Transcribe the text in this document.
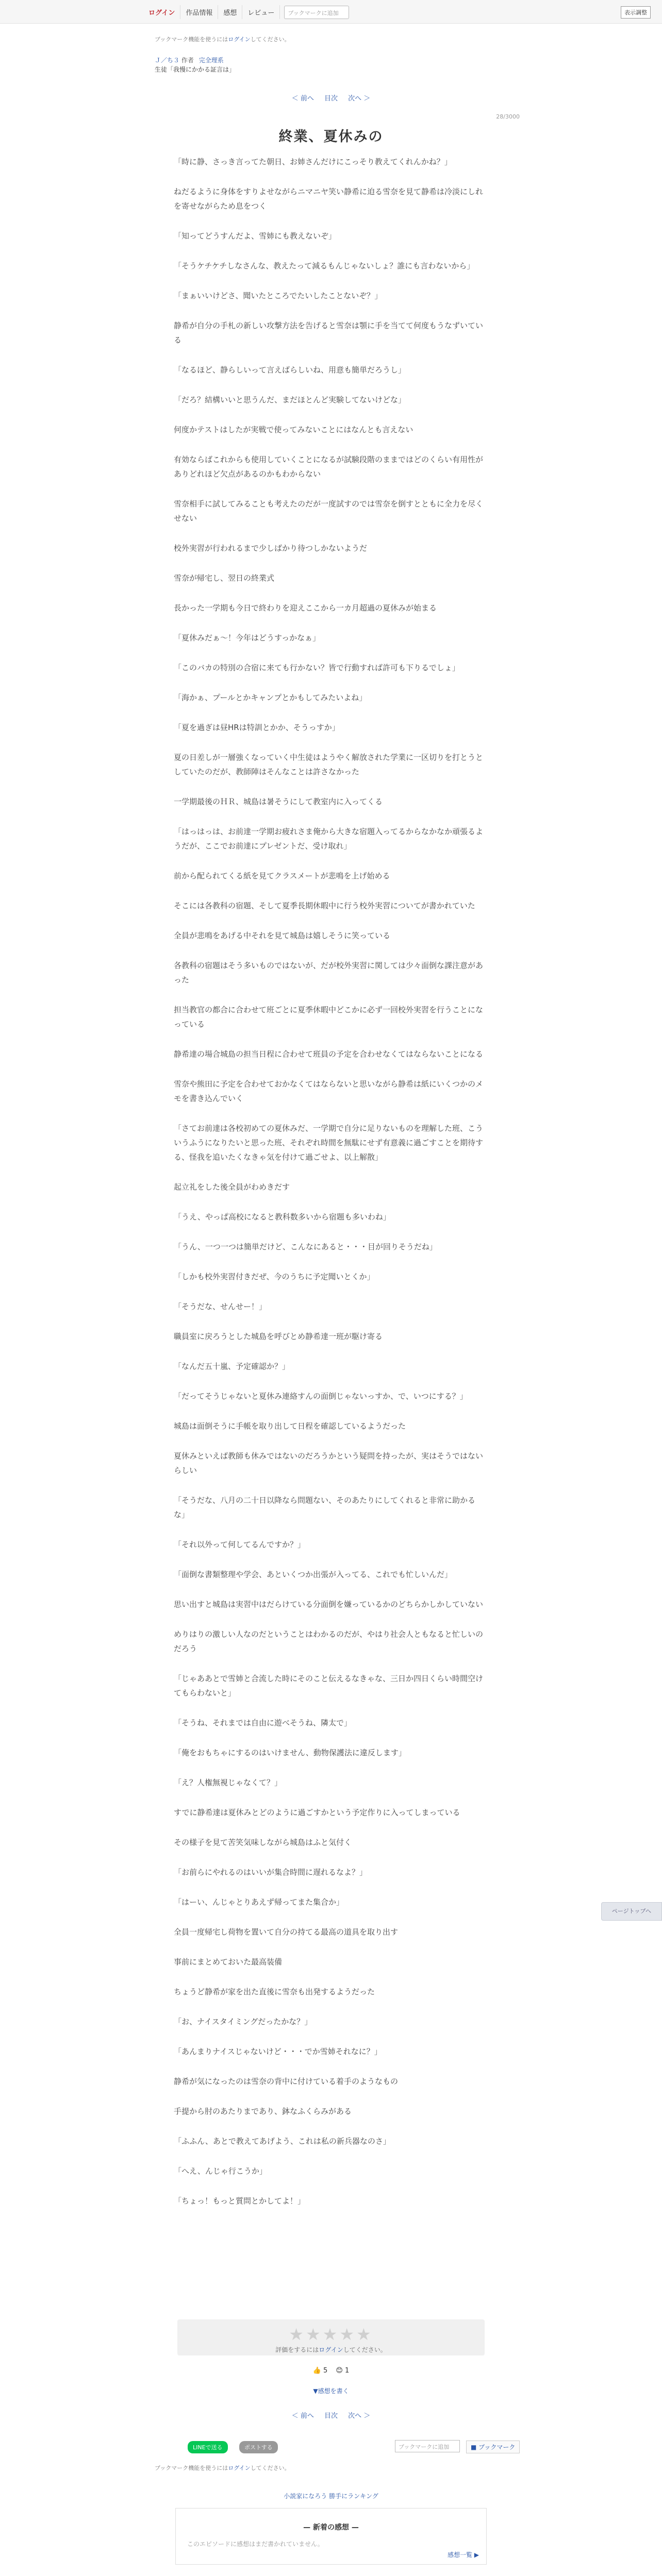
ログイン	作品情報	感想	レビュー	ブックマークに追加	表示調整
ブックマーク機能を使うにはログインしてください。
Ｊ／ち３ 作者 完全理系
生徒「我慢にかかる証言は」
＜ 前へ 目次 次へ ＞
28/3000
終業、夏休みの

「時に静、さっき言ってた朝日、お姉さんだけにこっそり教えてくれんかね？」

ねだるように身体をすりよせながらニマニヤ笑い静希に迫る雪奈を見て静希は冷淡にしれを寄せながらため息をつく

「知ってどうすんだよ、雪姉にも教えないぞ」

「そうケチケチしなさんな、教えたって減るもんじゃないしょ？誰にも言わないから」

「まぁいいけどさ、聞いたところでたいしたことないぞ？」

静希が自分の手札の新しい攻撃方法を告げると雪奈は顎に手を当てて何度もうなずいている

「なるほど、静らしいって言えばらしいね、用意も簡単だろうし」

「だろ？結構いいと思うんだ、まだほとんど実験してないけどな」

何度かテストはしたが実戦で使ってみないことにはなんとも言えない

有効ならばこれからも使用していくことになるが試験段階のままではどのくらい有用性がありどれほど欠点があるのかもわからない

雪奈相手に試してみることも考えたのだが一度試すのでは雪奈を倒すとともに全力を尽くせない

校外実習が行われるまで少しばかり待つしかないようだ

雪奈が帰宅し、翌日の終業式

長かった一学期も今日で終わりを迎えここから一カ月超過の夏休みが始まる

「夏休みだぁ～！今年はどうすっかなぁ」

「このバカの特別の合宿に来ても行かない？皆で行動すれば許可も下りるでしょ」

「海かぁ、プールとかキャンプとかもしてみたいよね」

「夏を過ぎは昼HRは特訓とかか、そうっすか」

夏の日差しが一層強くなっていく中生徒はようやく解放された学業に一区切りを打とうとしていたのだが、教師陣はそんなことは許さなかった

一学期最後のＨＲ、城島は暑そうにして教室内に入ってくる

「はっはっは、お前達一学期お疲れさま俺から大きな宿題入ってるからなかなか頑張るようだが、ここでお前達にプレゼントだ、受け取れ」

前から配られてくる紙を見てクラスメートが悲鳴を上げ始める

そこには各教科の宿題、そして夏季長期休暇中に行う校外実習についてが書かれていた

全員が悲鳴をあげる中それを見て城島は嬉しそうに笑っている

各教科の宿題はそう多いものではないが、だが校外実習に関しては少々面倒な課注意があった

担当教官の都合に合わせて班ごとに夏季休暇中どこかに必ず一回校外実習を行うことになっている

静希達の場合城島の担当日程に合わせて班員の予定を合わせなくてはならないことになる

雪奈や熊田に予定を合わせておかなくてはならないと思いながら静希は紙にいくつかのメモを書き込んでいく

「さてお前達は各校初めての夏休みだ、一学期で自分に足りないものを理解した班、こういうふうになりたいと思った班、それぞれ時間を無駄にせず有意義に過ごすことを期待する、怪我を追いたくなきゃ気を付けて過ごせよ、以上解散」

起立礼をした後全員がわめきだす

「うえ、やっぱ高校になると教科数多いから宿題も多いわね」

「うん、一つ一つは簡単だけど、こんなにあると・・・目が回りそうだね」

「しかも校外実習付きだぜ、今のうちに予定聞いとくか」

「そうだな、せんせー！」

職員室に戻ろうとした城島を呼びとめ静希達一班が駆け寄る

「なんだ五十嵐、予定確認か？」

「だってそうじゃないと夏休み連絡すんの面倒じゃないっすか、で、いつにする？」

城島は面倒そうに手帳を取り出して日程を確認しているようだった

夏休みといえば教師も休みではないのだろうかという疑問を持ったが、実はそうではないらしい

「そうだな、八月の二十日以降なら問題ない、そのあたりにしてくれると非常に助かるな」

「それ以外って何してるんですか？」

「面倒な書類整理や学会、あといくつか出張が入ってる、これでも忙しいんだ」

思い出すと城島は実習中はだらけている分面倒を嫌っているかのどちらかしかしていない

めりはりの激しい人なのだということはわかるのだが、やはり社会人ともなると忙しいのだろう

「じゃああとで雪姉と合流した時にそのこと伝えるなきゃな、三日か四日くらい時間空けてもらわないと」

「そうね、それまでは自由に遊べそうね、隣太で」

「俺をおもちゃにするのはいけません、動物保護法に違反します」

「え？人権無視じゃなくて？」

すでに静希達は夏休みとどのように過ごすかという予定作りに入ってしまっている

その様子を見て苦笑気味しながら城島はふと気付く

「お前らにやれるのはいいが集合時間に遅れるなよ？」

「はーい、んじゃとりあえず帰ってまた集合か」

全員一度帰宅し荷物を置いて自分の持てる最高の道具を取り出す

事前にまとめておいた最高装備

ちょうど静希が家を出た直後に雪奈も出発するようだった

「お、ナイスタイミングだったかな？」

「あんまりナイスじゃないけど・・・でか雪姉それなに？」

静希が気になったのは雪奈の背中に付けている着手のようなもの

手提から肘のあたりまであり、鉢なふくらみがある

「ふふん、あとで教えてあげよう、これは私の新兵器なのさ」

「へえ、んじゃ行こうか」

「ちょっ！もっと質問とかしてよ！」

ページトップへ
★★★★★
評価をするにはログインしてください。
👍 5 😊 1
▼感想を書く
＜ 前へ 目次 次へ ＞
LINEで送る	ポストする	ブックマークに追加	■ ブックマーク
ブックマーク機能を使うにはログインしてください。
小説家になろう 勝手にランキング
— 新着の感想 —
このエピソードに感想はまだ書かれていません。
感想一覧 ▶
